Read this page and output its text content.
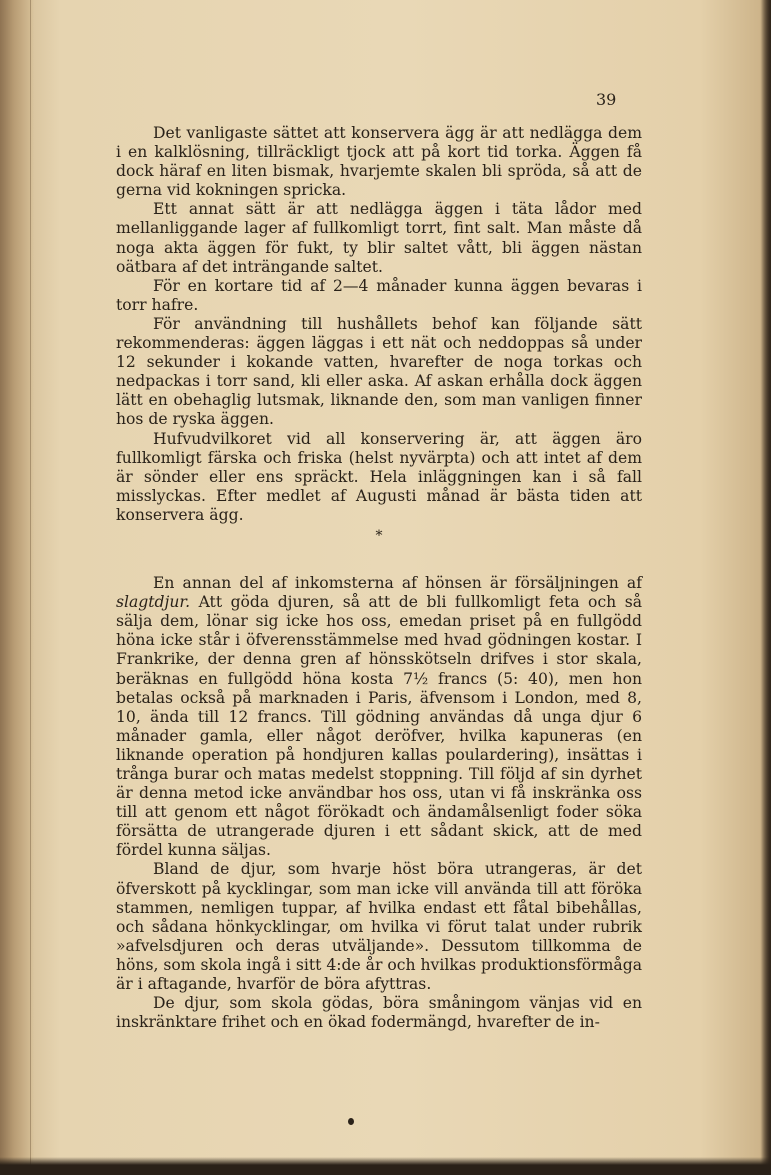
39

Det vanligaste sättet att konservera ägg är att nedlägga dem i en kalklösning, tillräckligt tjock att på kort tid torka. Äggen få dock häraf en liten bismak, hvarjemte skalen bli spröda, så att de gerna vid kokningen spricka.

Ett annat sätt är att nedlägga äggen i täta lådor med mellanliggande lager af fullkomligt torrt, fint salt. Man måste då noga akta äggen för fukt, ty blir saltet vått, bli äggen nästan oätbara af det inträngande saltet.

För en kortare tid af 2—4 månader kunna äggen bevaras i torr hafre.

För användning till hushållets behof kan följande sätt rekommenderas: äggen läggas i ett nät och neddoppas så under 12 sekunder i kokande vatten, hvarefter de noga torkas och nedpackas i torr sand, kli eller aska. Af askan erhålla dock äggen lätt en obehaglig lutsmak, liknande den, som man vanligen finner hos de ryska äggen.

Hufvudvilkoret vid all konservering är, att äggen äro fullkomligt färska och friska (helst nyvärpta) och att intet af dem är sönder eller ens spräckt. Hela inläggningen kan i så fall misslyckas. Efter medlet af Augusti månad är bästa tiden att konservera ägg.

*

En annan del af inkomsterna af hönsen är försäljningen af slagtdjur. Att göda djuren, så att de bli fullkomligt feta och så sälja dem, lönar sig icke hos oss, emedan priset på en fullgödd höna icke står i öfverensstämmelse med hvad gödningen kostar. I Frankrike, der denna gren af hönsskötseln drifves i stor skala, beräknas en fullgödd höna kosta 7½ francs (5: 40), men hon betalas också på marknaden i Paris, äfvensom i London, med 8, 10, ända till 12 francs. Till gödning användas då unga djur 6 månader gamla, eller något deröfver, hvilka kapuneras (en liknande operation på hondjuren kallas poulardering), insättas i trånga burar och matas medelst stoppning. Till följd af sin dyrhet är denna metod icke användbar hos oss, utan vi få inskränka oss till att genom ett något förökadt och ändamålsenligt foder söka försätta de utrangerade djuren i ett sådant skick, att de med fördel kunna säljas.

Bland de djur, som hvarje höst böra utrangeras, är det öfverskott på kycklingar, som man icke vill använda till att föröka stammen, nemligen tuppar, af hvilka endast ett fåtal bibehållas, och sådana hönkycklingar, om hvilka vi förut talat under rubrik »afvelsdjuren och deras utväljande». Dessutom tillkomma de höns, som skola ingå i sitt 4:de år och hvilkas produktionsförmåga är i aftagande, hvarför de böra afyttras.

De djur, som skola gödas, böra småningom vänjas vid en inskränktare frihet och en ökad fodermängd, hvarefter de in-
